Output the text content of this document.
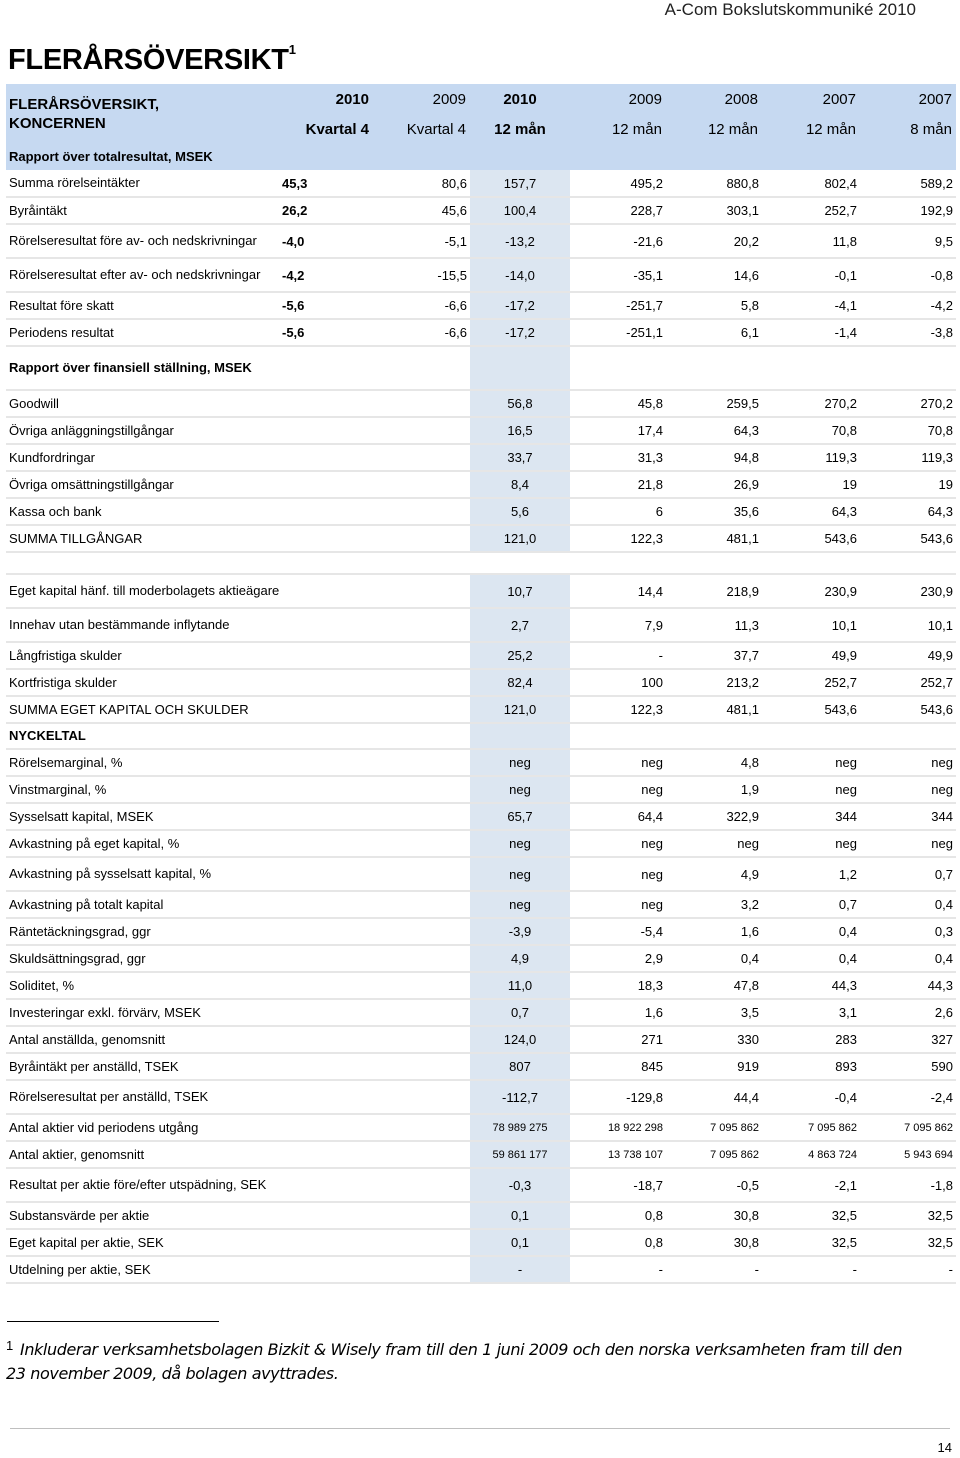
A-Com Bokslutskommuniké 2010
FLERÅRSÖVERSIKT$^1$
FLERÅRSÖVERSIKT,
KONCERNEN	2010	2009	2010	2009	2008	2007	2007
	Kvartal 4	Kvartal 4	12 mån	12 mån	12 mån	12 mån	8 mån
Rapport över totalresultat, MSEK							
Summa rörelseintäkter	45,3	80,6	157,7	495,2	880,8	802,4	589,2
Byråintäkt	26,2	45,6	100,4	228,7	303,1	252,7	192,9
Rörelseresultat före av- och nedskrivningar	-4,0	-5,1	-13,2	-21,6	20,2	11,8	9,5
Rörelseresultat efter av- och nedskrivningar	-4,2	-15,5	-14,0	-35,1	14,6	-0,1	-0,8
Resultat före skatt	-5,6	-6,6	-17,2	-251,7	5,8	-4,1	-4,2
Periodens resultat	-5,6	-6,6	-17,2	-251,1	6,1	-1,4	-3,8
Rapport över finansiell ställning, MSEK							
Goodwill			56,8	45,8	259,5	270,2	270,2
Övriga anläggningstillgångar			16,5	17,4	64,3	70,8	70,8
Kundfordringar			33,7	31,3	94,8	119,3	119,3
Övriga omsättningstillgångar			8,4	21,8	26,9	19	19
Kassa och bank			5,6	6	35,6	64,3	64,3
SUMMA TILLGÅNGAR			121,0	122,3	481,1	543,6	543,6

Eget kapital hänf. till moderbolagets aktieägare			10,7	14,4	218,9	230,9	230,9
Innehav utan bestämmande inflytande			2,7	7,9	11,3	10,1	10,1
Långfristiga skulder			25,2	-	37,7	49,9	49,9
Kortfristiga skulder			82,4	100	213,2	252,7	252,7
SUMMA EGET KAPITAL OCH SKULDER			121,0	122,3	481,1	543,6	543,6
NYCKELTAL							
Rörelsemarginal, %			neg	neg	4,8	neg	neg
Vinstmarginal, %			neg	neg	1,9	neg	neg
Sysselsatt kapital, MSEK			65,7	64,4	322,9	344	344
Avkastning på eget kapital, %			neg	neg	neg	neg	neg
Avkastning på sysselsatt kapital, %			neg	neg	4,9	1,2	0,7
Avkastning på totalt kapital			neg	neg	3,2	0,7	0,4
Räntetäckningsgrad, ggr			-3,9	-5,4	1,6	0,4	0,3
Skuldsättningsgrad, ggr			4,9	2,9	0,4	0,4	0,4
Soliditet, %			11,0	18,3	47,8	44,3	44,3
Investeringar exkl. förvärv, MSEK			0,7	1,6	3,5	3,1	2,6
Antal anställda, genomsnitt			124,0	271	330	283	327
Byråintäkt per anställd, TSEK			807	845	919	893	590
Rörelseresultat per anställd, TSEK			-112,7	-129,8	44,4	-0,4	-2,4
Antal aktier vid periodens utgång			78 989 275	18 922 298	7 095 862	7 095 862	7 095 862
Antal aktier, genomsnitt			59 861 177	13 738 107	7 095 862	4 863 724	5 943 694
Resultat per aktie före/efter utspädning, SEK			-0,3	-18,7	-0,5	-2,1	-1,8
Substansvärde per aktie			0,1	0,8	30,8	32,5	32,5
Eget kapital per aktie, SEK			0,1	0,8	30,8	32,5	32,5
Utdelning per aktie, SEK			-	-	-	-	-
1 Inkluderar verksamhetsbolagen Bizkit & Wisely fram till den 1 juni 2009 och den norska verksamheten fram till den 23 november 2009, då bolagen avyttrades.
14
